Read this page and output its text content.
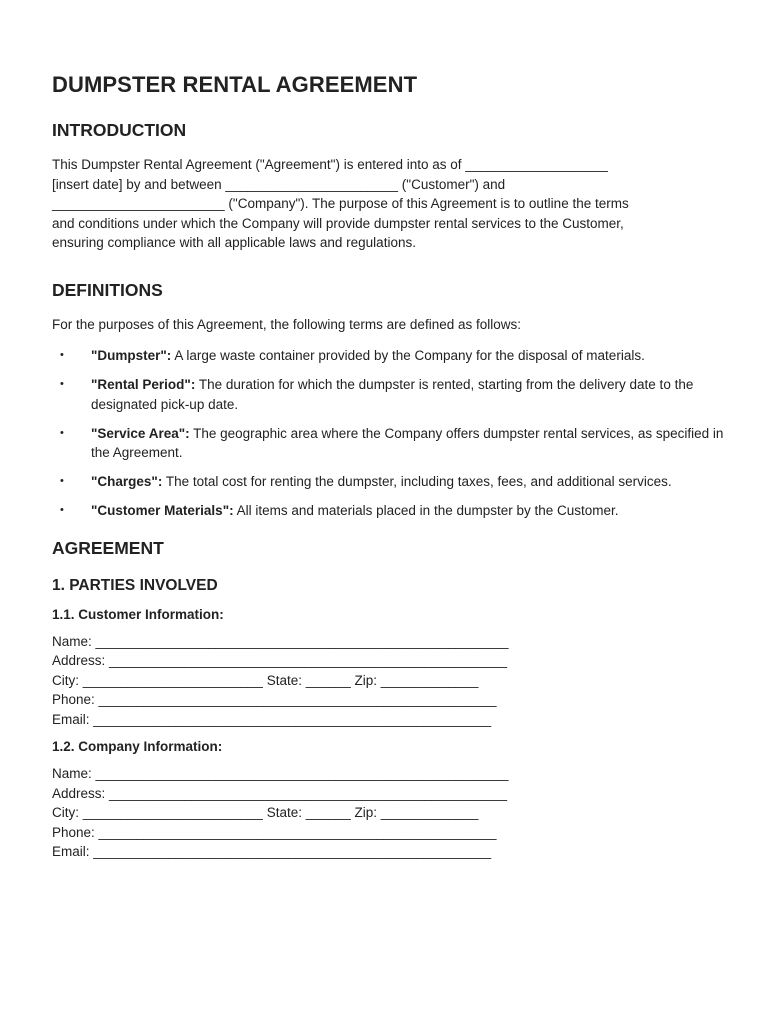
DUMPSTER RENTAL AGREEMENT
INTRODUCTION

This Dumpster Rental Agreement ("Agreement") is entered into as of ___________________
[insert date] by and between _______________________ ("Customer") and
_______________________ ("Company"). The purpose of this Agreement is to outline the terms
and conditions under which the Company will provide dumpster rental services to the Customer,
ensuring compliance with all applicable laws and regulations.

DEFINITIONS

For the purposes of this Agreement, the following terms are defined as follows:

• "Dumpster": A large waste container provided by the Company for the disposal of materials.
• "Rental Period": The duration for which the dumpster is rented, starting from the delivery date to the designated pick-up date.
• "Service Area": The geographic area where the Company offers dumpster rental services, as specified in the Agreement.
• "Charges": The total cost for renting the dumpster, including taxes, fees, and additional services.
• "Customer Materials": All items and materials placed in the dumpster by the Customer.
AGREEMENT
1. PARTIES INVOLVED
1.1. Customer Information:
Name: _______________________________________________________
Address: _____________________________________________________
City: ________________________ State: ______ Zip: _____________
Phone: _____________________________________________________
Email: _____________________________________________________
1.2. Company Information:
Name: _______________________________________________________
Address: _____________________________________________________
City: ________________________ State: ______ Zip: _____________
Phone: _____________________________________________________
Email: _____________________________________________________
